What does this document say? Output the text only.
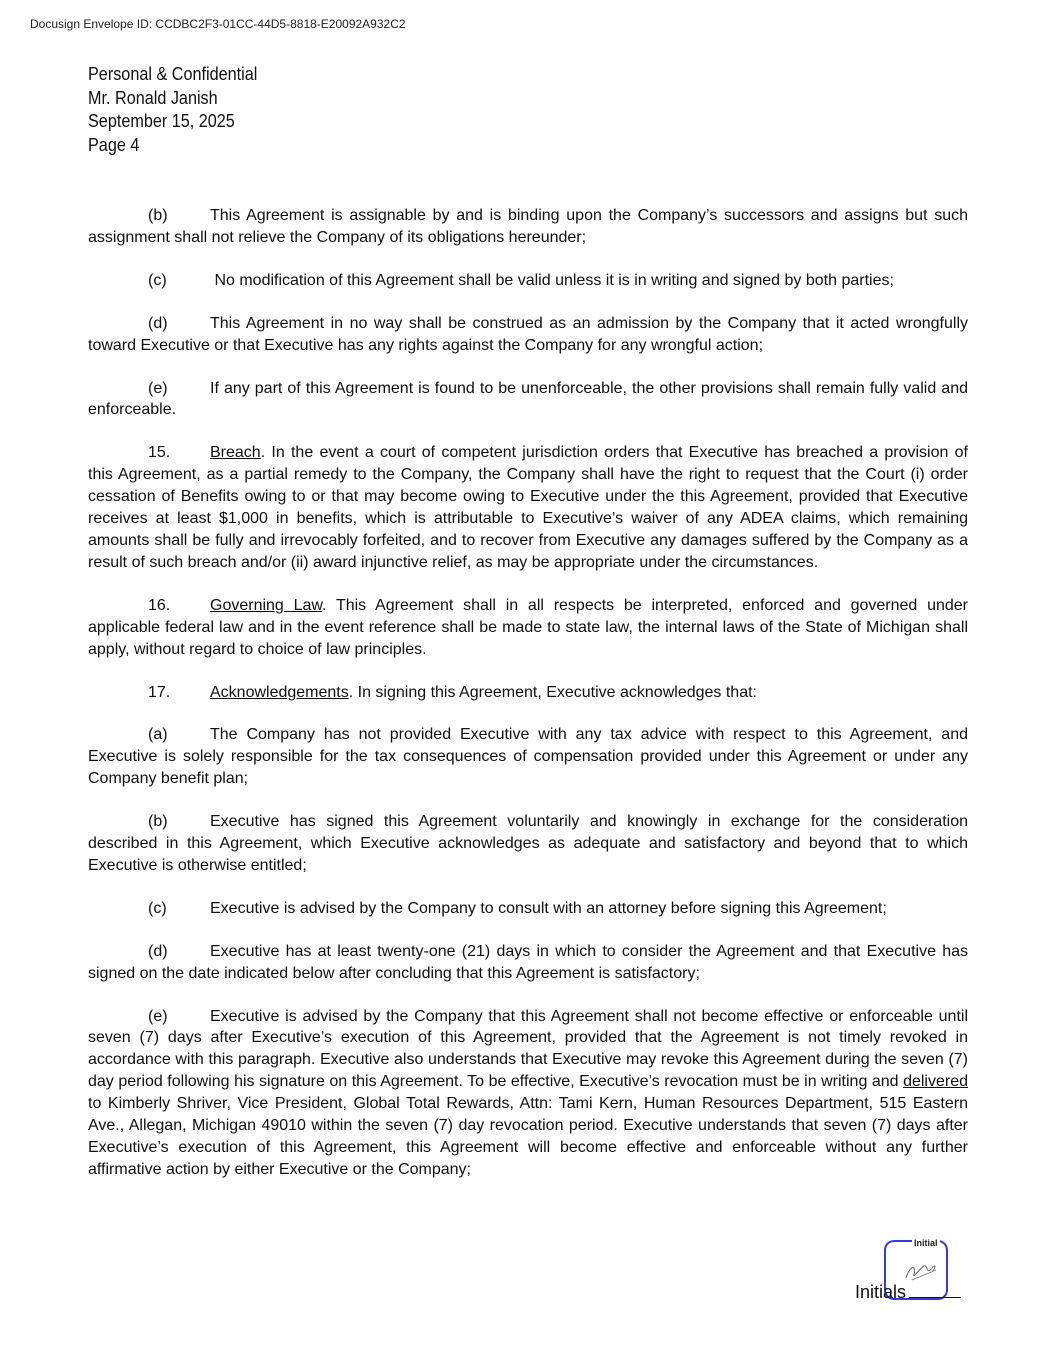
Docusign Envelope ID: CCDBC2F3-01CC-44D5-8818-E20092A932C2
Personal & Confidential
Mr. Ronald Janish
September 15, 2025
Page 4

(b)	This Agreement is assignable by and is binding upon the Company’s successors and assigns but such assignment shall not relieve the Company of its obligations hereunder;

(c)	No modification of this Agreement shall be valid unless it is in writing and signed by both parties;

(d)	This Agreement in no way shall be construed as an admission by the Company that it acted wrongfully toward Executive or that Executive has any rights against the Company for any wrongful action;

(e)	If any part of this Agreement is found to be unenforceable, the other provisions shall remain fully valid and enforceable.

15. Breach. In the event a court of competent jurisdiction orders that Executive has breached a provision of this Agreement, as a partial remedy to the Company, the Company shall have the right to request that the Court (i) order cessation of Benefits owing to or that may become owing to Executive under the this Agreement, provided that Executive receives at least $1,000 in benefits, which is attributable to Executive’s waiver of any ADEA claims, which remaining amounts shall be fully and irrevocably forfeited, and to recover from Executive any damages suffered by the Company as a result of such breach and/or (ii) award injunctive relief, as may be appropriate under the circumstances.

16. Governing Law. This Agreement shall in all respects be interpreted, enforced and governed under applicable federal law and in the event reference shall be made to state law, the internal laws of the State of Michigan shall apply, without regard to choice of law principles.

17. Acknowledgements. In signing this Agreement, Executive acknowledges that:

(a)	The Company has not provided Executive with any tax advice with respect to this Agreement, and Executive is solely responsible for the tax consequences of compensation provided under this Agreement or under any Company benefit plan;

(b)	Executive has signed this Agreement voluntarily and knowingly in exchange for the consideration described in this Agreement, which Executive acknowledges as adequate and satisfactory and beyond that to which Executive is otherwise entitled;

(c)	Executive is advised by the Company to consult with an attorney before signing this Agreement;

(d)	Executive has at least twenty-one (21) days in which to consider the Agreement and that Executive has signed on the date indicated below after concluding that this Agreement is satisfactory;

(e)	Executive is advised by the Company that this Agreement shall not become effective or enforceable until seven (7) days after Executive’s execution of this Agreement, provided that the Agreement is not timely revoked in accordance with this paragraph. Executive also understands that Executive may revoke this Agreement during the seven (7) day period following his signature on this Agreement. To be effective, Executive’s revocation must be in writing and delivered to Kimberly Shriver, Vice President, Global Total Rewards, Attn: Tami Kern, Human Resources Department, 515 Eastern Ave., Allegan, Michigan 49010 within the seven (7) day revocation period. Executive understands that seven (7) days after Executive’s execution of this Agreement, this Agreement will become effective and enforceable without any further affirmative action by either Executive or the Company;

Initial
Initials
